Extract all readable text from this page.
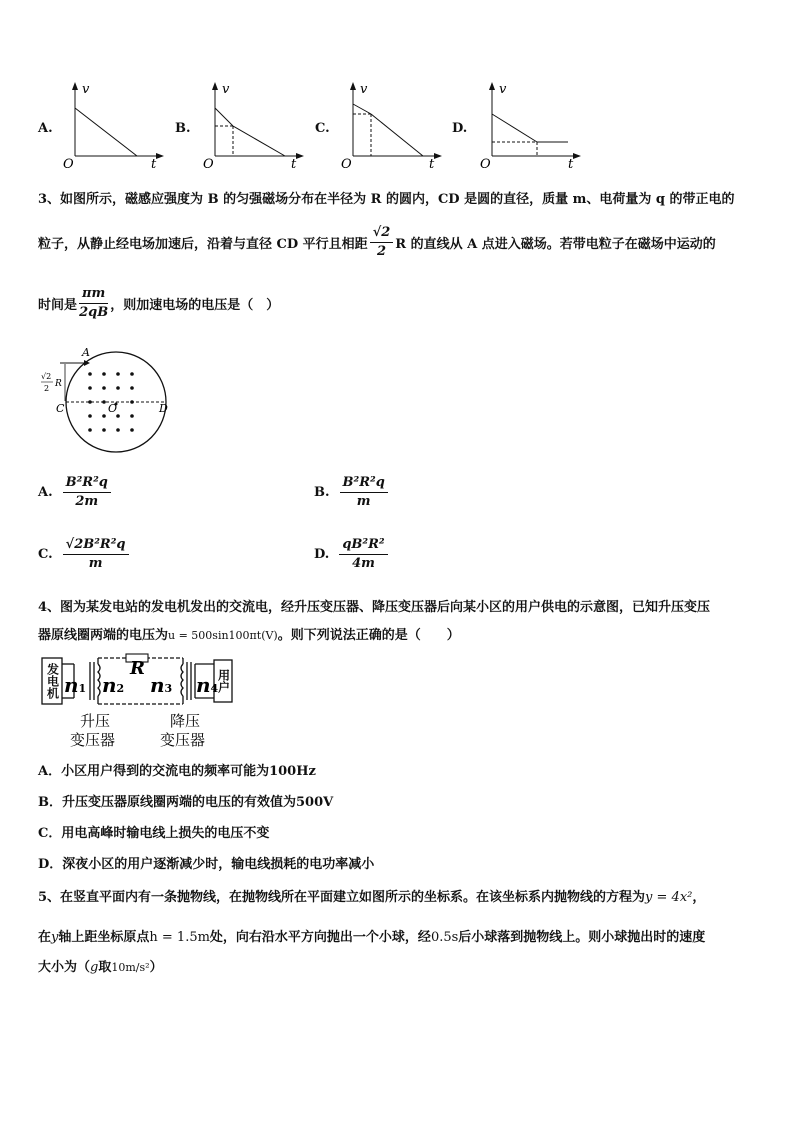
A.
v
O	t
B.
v
O	t
C.
v
O	t
D.
v
O	t
3、如图所示，磁感应强度为 B 的匀强磁场分布在半径为 R 的圆内，CD 是圆的直径，质量 m、电荷量为 q 的带正电的
粒子，从静止经电场加速后，沿着与直径 CD 平行且相距 $\frac{√2}{2}$ R 的直线从 A 点进入磁场。若带电粒子在磁场中运动的
时间是 $\frac{\pi m}{2qB}$ ，则加速电场的电压是（　）
A
C	O	D
√2
2 R
A. $\frac{\text{B²R²q}}{2m}$	B. $\frac{\text{B²R²q}}{m}$
C. $\frac{\text{√2B²R²q}}{m}$	D. $\frac{\text{qB²R²}}{4m}$
4、图为某发电站的发电机发出的交流电，经升压变压器、降压变压器后向某小区的用户供电的示意图，已知升压变压
器原线圈两端的电压为u = 500sin100πt(V)。则下列说法正确的是（　　）
发电机	用户
n1 n2 n3 n4
R
升压
变压器
降压
变压器
A．小区用户得到的交流电的频率可能为100Hz
B．升压变压器原线圈两端的电压的有效值为500V
C．用电高峰时输电线上损失的电压不变
D．深夜小区的用户逐渐减少时，输电线损耗的电功率减小
5、在竖直平面内有一条抛物线，在抛物线所在平面建立如图所示的坐标系。在该坐标系内抛物线的方程为y = 4x²，
在y轴上距坐标原点h = 1.5m处，向右沿水平方向抛出一个小球，经0.5s后小球落到抛物线上。则小球抛出时的速度
大小为（g取10m/s²）
